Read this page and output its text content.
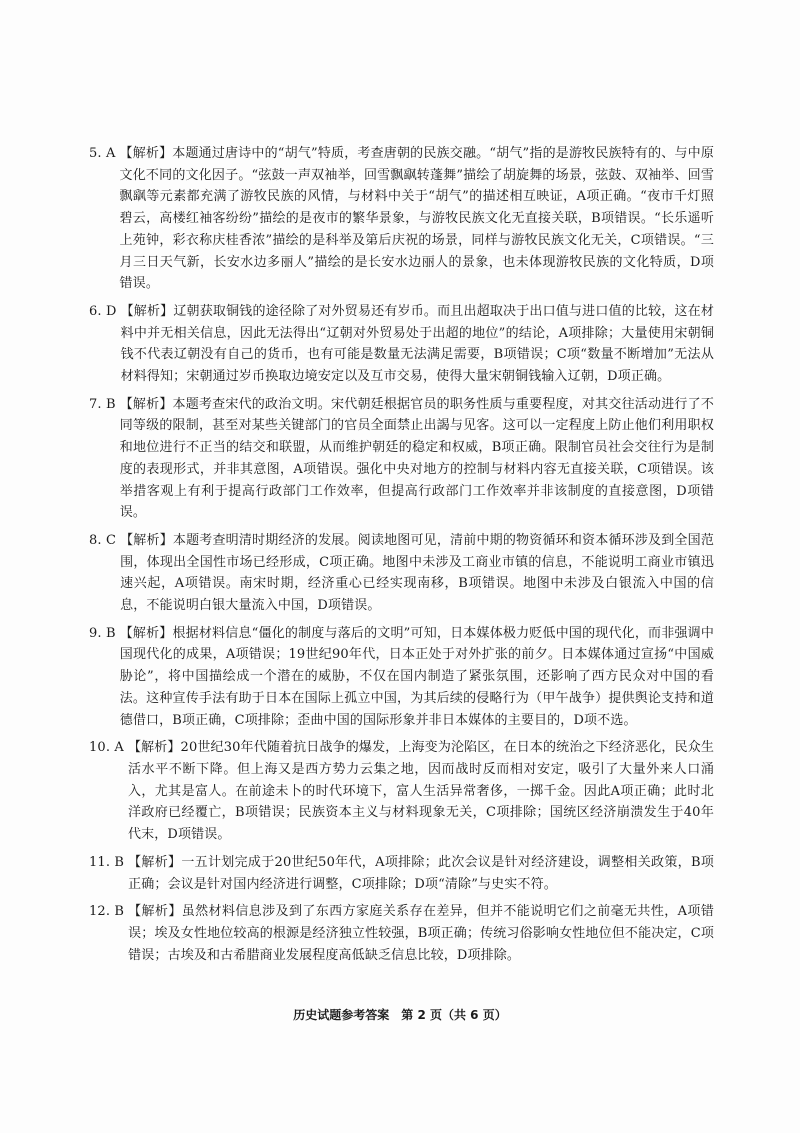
5. A 【解析】本题通过唐诗中的“胡气”特质，考查唐朝的民族交融。“胡气”指的是游牧民族特有的、与中原文化不同的文化因子。“弦鼓一声双袖举，回雪飘飖转蓬舞”描绘了胡旋舞的场景，弦鼓、双袖举、回雪飘飖等元素都充满了游牧民族的风情，与材料中关于“胡气”的描述相互映证，A项正确。“夜市千灯照碧云，高楼红袖客纷纷”描绘的是夜市的繁华景象，与游牧民族文化无直接关联，B项错误。“长乐遥听上苑钟，彩衣称庆桂香浓”描绘的是科举及第后庆祝的场景，同样与游牧民族文化无关，C项错误。“三月三日天气新，长安水边多丽人”描绘的是长安水边丽人的景象，也未体现游牧民族的文化特质，D项错误。
6. D 【解析】辽朝获取铜钱的途径除了对外贸易还有岁币。而且出超取决于出口值与进口值的比较，这在材料中并无相关信息，因此无法得出“辽朝对外贸易处于出超的地位”的结论，A项排除；大量使用宋朝铜钱不代表辽朝没有自己的货币，也有可能是数量无法满足需要，B项错误；C项“数量不断增加”无法从材料得知；宋朝通过岁币换取边境安定以及互市交易，使得大量宋朝铜钱输入辽朝，D项正确。
7. B 【解析】本题考查宋代的政治文明。宋代朝廷根据官员的职务性质与重要程度，对其交往活动进行了不同等级的限制，甚至对某些关键部门的官员全面禁止出謁与见客。这可以一定程度上防止他们利用职权和地位进行不正当的结交和联盟，从而维护朝廷的稳定和权威，B项正确。限制官员社会交往行为是制度的表现形式，并非其意图，A项错误。强化中央对地方的控制与材料内容无直接关联，C项错误。该举措客观上有利于提高行政部门工作效率，但提高行政部门工作效率并非该制度的直接意图，D项错误。
8. C 【解析】本题考查明清时期经济的发展。阅读地图可见，清前中期的物资循环和资本循环涉及到全国范围，体现出全国性市场已经形成，C项正确。地图中未涉及工商业市镇的信息，不能说明工商业市镇迅速兴起，A项错误。南宋时期，经济重心已经实现南移，B项错误。地图中未涉及白银流入中国的信息，不能说明白银大量流入中国，D项错误。
9. B 【解析】根据材料信息“僵化的制度与落后的文明”可知，日本媒体极力贬低中国的现代化，而非强调中国现代化的成果，A项错误；19世纪90年代，日本正处于对外扩张的前夕。日本媒体通过宣扬“中国威胁论”，将中国描绘成一个潜在的威胁，不仅在国内制造了紧张氛围，还影响了西方民众对中国的看法。这种宣传手法有助于日本在国际上孤立中国，为其后续的侵略行为（甲午战争）提供舆论支持和道德借口，B项正确，C项排除；歪曲中国的国际形象并非日本媒体的主要目的，D项不选。
10. A 【解析】20世纪30年代随着抗日战争的爆发，上海变为沦陷区，在日本的统治之下经济恶化，民众生活水平不断下降。但上海又是西方势力云集之地，因而战时反而相对安定，吸引了大量外来人口涌入，尤其是富人。在前途未卜的时代环境下，富人生活异常奢侈，一掷千金。因此A项正确；此时北洋政府已经覆亡，B项错误；民族资本主义与材料现象无关，C项排除；国统区经济崩溃发生于40年代末，D项错误。
11. B 【解析】一五计划完成于20世纪50年代，A项排除；此次会议是针对经济建设，调整相关政策，B项正确；会议是针对国内经济进行调整，C项排除；D项“清除”与史实不符。
12. B 【解析】虽然材料信息涉及到了东西方家庭关系存在差异，但并不能说明它们之前毫无共性，A项错误；埃及女性地位较高的根源是经济独立性较强，B项正确；传统习俗影响女性地位但不能决定，C项错误；古埃及和古希腊商业发展程度高低缺乏信息比较，D项排除。
历史试题参考答案　第 2 页（共 6 页）
